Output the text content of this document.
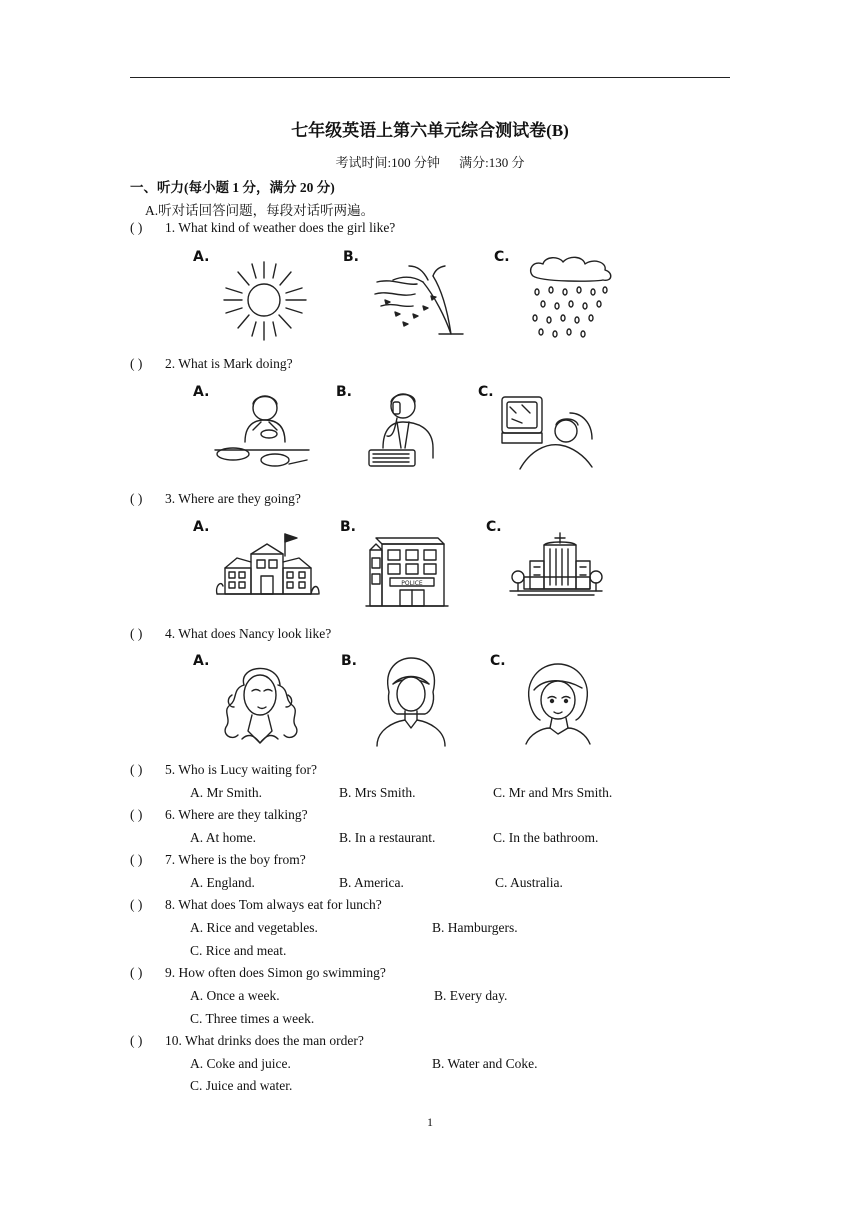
七年级英语上第六单元综合测试卷(B)
考试时间:100 分钟 满分:130 分
一、听力(每小题 1 分，满分 20 分)
A.听对话回答问题，每段对话听两遍。
( ) 1. What kind of weather does the girl like?
A.	B.	C.
( ) 2. What is Mark doing?
A.	B.	C.
( ) 3. Where are they going?
A.	B.	C.
POLICE
( ) 4. What does Nancy look like?
A.	B.	C.
( ) 5. Who is Lucy waiting for?
A. Mr Smith.	B. Mrs Smith.	C. Mr and Mrs Smith.
( ) 6. Where are they talking?
A. At home.	B. In a restaurant.	C. In the bathroom.
( ) 7. Where is the boy from?
A. England.	B. America.	C. Australia.
( ) 8. What does Tom always eat for lunch?
A. Rice and vegetables.	B. Hamburgers.
C. Rice and meat.
( ) 9. How often does Simon go swimming?
A. Once a week.	B. Every day.
C. Three times a week.
( ) 10. What drinks does the man order?
A. Coke and juice.	B. Water and Coke.
C. Juice and water.
1
